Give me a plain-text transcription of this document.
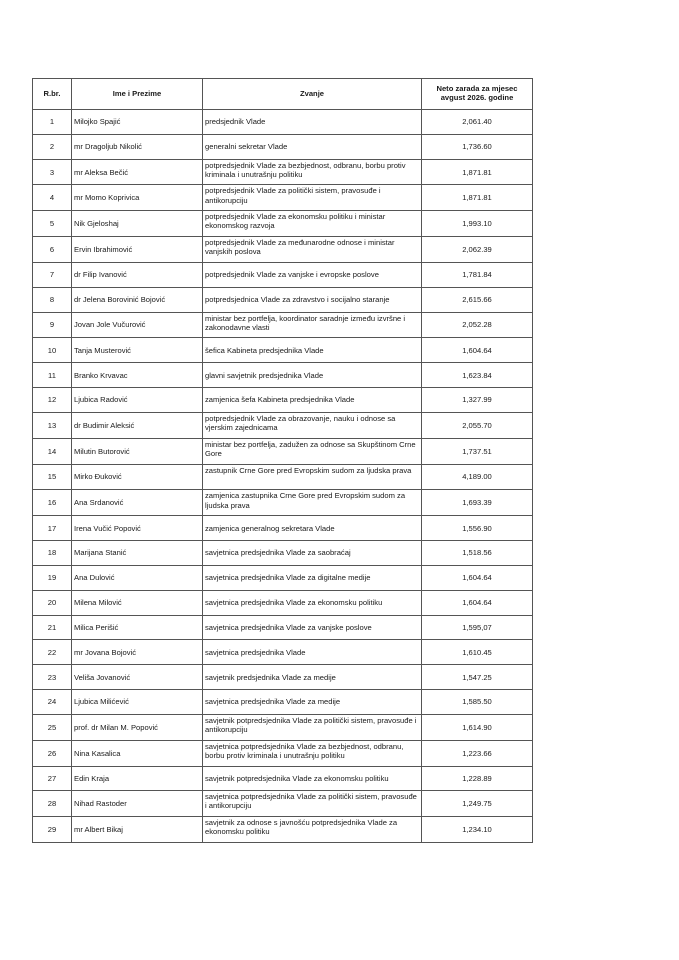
R.br.	Ime i Prezime	Zvanje	Neto zarada za mjesec avgust 2026. godine
1	Milojko Spajić	predsjednik Vlade	2,061.40
2	mr Dragoljub Nikolić	generalni sekretar Vlade	1,736.60
3	mr Aleksa Bečić	potpredsjednik Vlade za bezbjednost, odbranu, borbu protiv kriminala i unutrašnju politiku	1,871.81
4	mr Momo Koprivica	potpredsjednik Vlade za politički sistem, pravosuđe i antikorupciju	1,871.81
5	Nik Gjeloshaj	potpredsjednik Vlade za ekonomsku politiku i ministar ekonomskog razvoja	1,993.10
6	Ervin Ibrahimović	potpredsjednik Vlade za međunarodne odnose i ministar vanjskih poslova	2,062.39
7	dr Filip Ivanović	potpredsjednik Vlade za vanjske i evropske poslove	1,781.84
8	dr Jelena Borovinić Bojović	potpredsjednica Vlade za zdravstvo i socijalno staranje	2,615.66
9	Jovan Jole Vučurović	ministar bez portfelja, koordinator saradnje između izvršne i zakonodavne vlasti	2,052.28
10	Tanja Musterović	šefica Kabineta predsjednika Vlade	1,604.64
11	Branko Krvavac	glavni savjetnik predsjednika Vlade	1,623.84
12	Ljubica Radović	zamjenica šefa Kabineta predsjednika Vlade	1,327.99
13	dr Budimir Aleksić	potpredsjednik Vlade za obrazovanje, nauku i odnose sa vjerskim zajednicama	2,055.70
14	Milutin Butorović	ministar bez portfelja, zadužen za odnose sa Skupštinom Crne Gore	1,737.51
15	Mirko Đuković	zastupnik Crne Gore pred Evropskim sudom za ljudska prava	4,189.00
16	Ana Srdanović	zamjenica zastupnika Crne Gore pred Evropskim sudom za ljudska prava	1,693.39
17	Irena Vučić Popović	zamjenica generalnog sekretara Vlade	1,556.90
18	Marijana Stanić	savjetnica predsjednika Vlade za saobraćaj	1,518.56
19	Ana Dulović	savjetnica predsjednika Vlade za digitalne medije	1,604.64
20	Milena Milović	savjetnica predsjednika Vlade za ekonomsku politiku	1,604.64
21	Milica Perišić	savjetnica predsjednika Vlade za vanjske poslove	1,595,07
22	mr Jovana Bojović	savjetnica predsjednika Vlade	1,610.45
23	Veliša Jovanović	savjetnik predsjednika Vlade za medije	1,547.25
24	Ljubica Milićević	savjetnica predsjednika Vlade za medije	1,585.50
25	prof. dr Milan M. Popović	savjetnik potpredsjednika Vlade za politički sistem, pravosuđe i antikorupciju	1,614.90
26	Nina Kasalica	savjetnica potpredsjednika Vlade za bezbjednost, odbranu, borbu protiv kriminala i unutrašnju politiku	1,223.66
27	Edin Kraja	savjetnik potpredsjednika Vlade za ekonomsku politiku	1,228.89
28	Nihad Rastoder	savjetnica potpredsjednika Vlade za politički sistem, pravosuđe i antikorupciju	1,249.75
29	mr Albert Bikaj	savjetnik za odnose s javnošću potpredsjednika Vlade za ekonomsku politiku	1,234.10
